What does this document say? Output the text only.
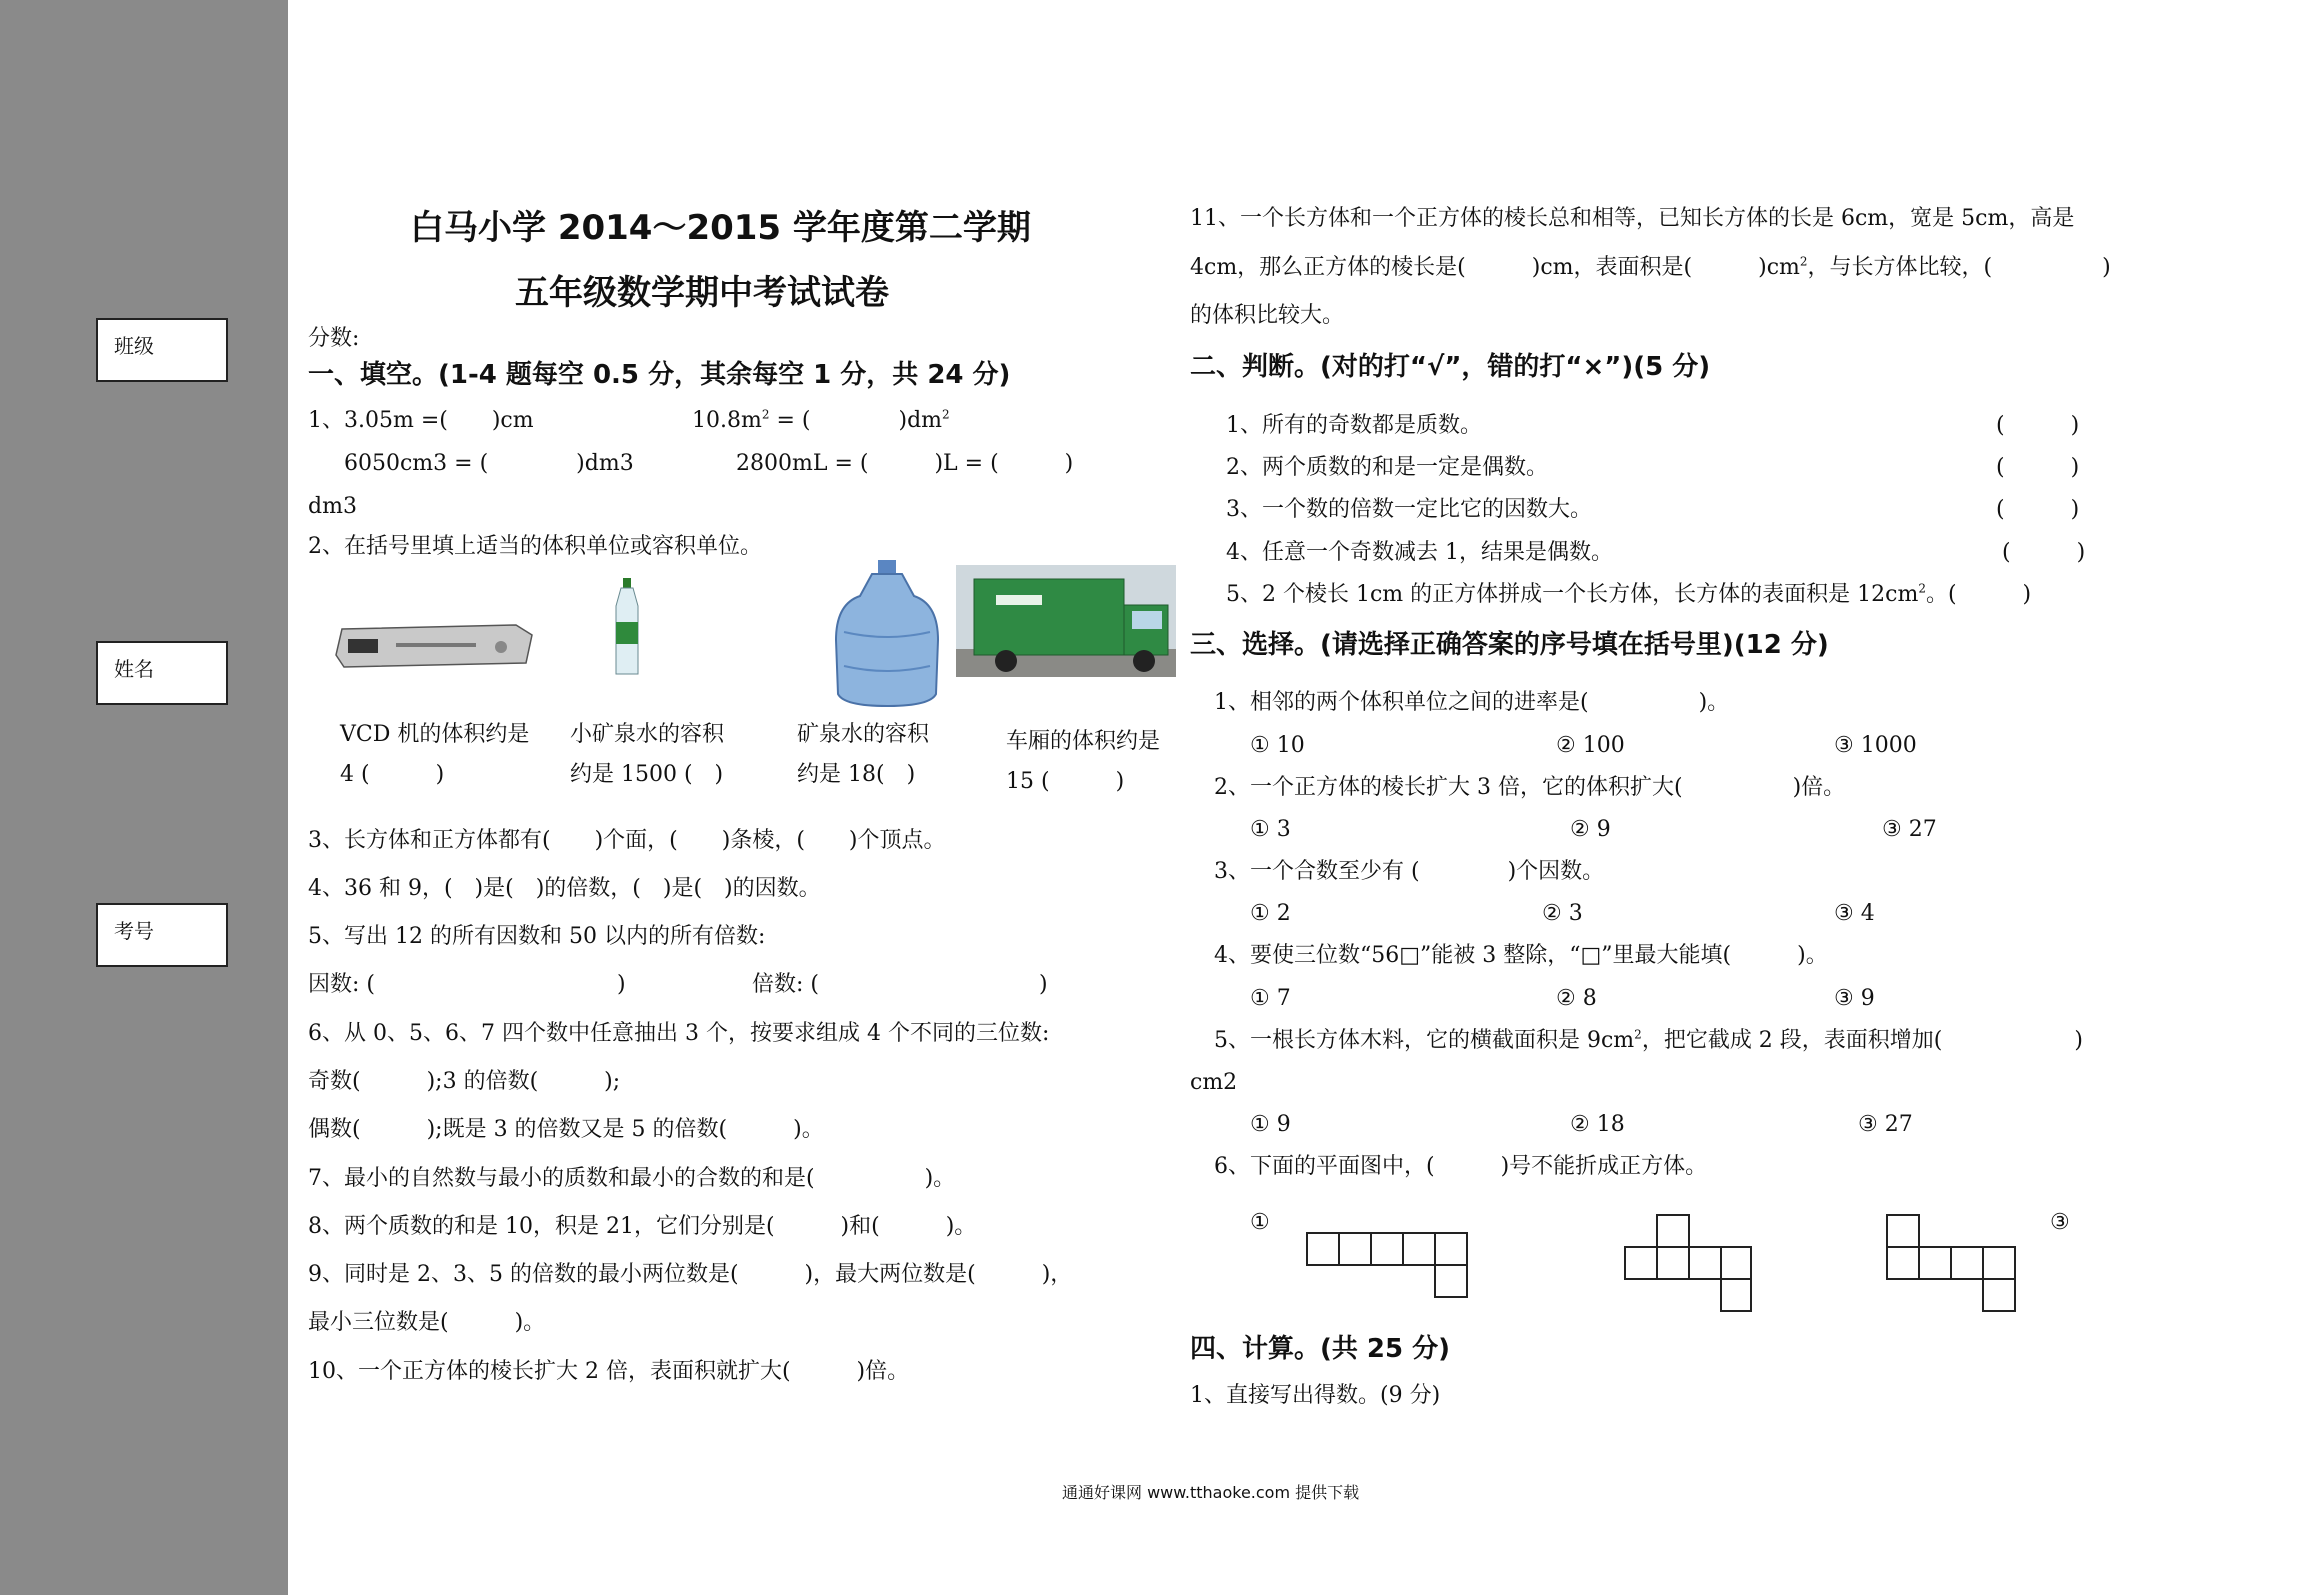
班级
姓名
考号
白马小学 2014～2015 学年度第二学期
五年级数学期中考试试卷
分数:
一、填空。(1-4 题每空 0.5 分，其余每空 1 分，共 24 分)
1、3.05m =(　　)cm	$10.8m^2$ = (　　　　)$dm^2$
6050cm3 = (　　　　)dm3	2800mL = (　　　)L = (　　　)
dm3
2、在括号里填上适当的体积单位或容积单位。
VCD 机的体积约是
4 (　　　)
小矿泉水的容积
约是 1500 (　)
矿泉水的容积
约是 18(　)
车厢的体积约是
15 (　　　)
3、长方体和正方体都有(　　)个面，(　　)条棱，(　　)个顶点。
4、36 和 9，(　)是(　)的倍数，(　)是(　)的因数。
5、写出 12 的所有因数和 50 以内的所有倍数:
因数: (　　　　　　　　　　　)	倍数: (　　　　　　　　　　)
6、从 0、5、6、7 四个数中任意抽出 3 个，按要求组成 4 个不同的三位数:
奇数(　　　);3 的倍数(　　　);
偶数(　　　);既是 3 的倍数又是 5 的倍数(　　　)。
7、最小的自然数与最小的质数和最小的合数的和是(　　　　　)。
8、两个质数的和是 10，积是 21，它们分别是(　　　)和(　　　)。
9、同时是 2、3、5 的倍数的最小两位数是(　　　)，最大两位数是(　　　)，
最小三位数是(　　　)。
10、一个正方体的棱长扩大 2 倍，表面积就扩大(　　　)倍。
11、一个长方体和一个正方体的棱长总和相等，已知长方体的长是 6cm，宽是 5cm，高是
4cm，那么正方体的棱长是(　　　)cm，表面积是(　　　)$cm^2$，与长方体比较，(　　　　　)
的体积比较大。
二、判断。(对的打“√”，错的打“×”)(5 分)
1、所有的奇数都是质数。	(　　　)
2、两个质数的和是一定是偶数。	(　　　)
3、一个数的倍数一定比它的因数大。	(　　　)
4、任意一个奇数减去 1，结果是偶数。	(　　　)
5、2 个棱长 1cm 的正方体拼成一个长方体，长方体的表面积是 $12cm^2$。(　　　)
三、选择。(请选择正确答案的序号填在括号里)(12 分)
1、相邻的两个体积单位之间的进率是(　　　　　)。
① 10	② 100	③ 1000
2、一个正方体的棱长扩大 3 倍，它的体积扩大(　　　　　)倍。
① 3	② 9	③ 27
3、一个合数至少有 (　　　　)个因数。
① 2	② 3	③ 4
4、要使三位数“56□”能被 3 整除，“□”里最大能填(　　　)。
① 7	② 8	③ 9
5、一根长方体木料，它的横截面积是 $9cm^2$，把它截成 2 段，表面积增加(　　　　　　)
cm2
① 9	② 18	③ 27
6、下面的平面图中，(　　　)号不能折成正方体。
①	③
四、计算。(共 25 分)
1、直接写出得数。(9 分)
通通好课网 www.tthaoke.com 提供下载
